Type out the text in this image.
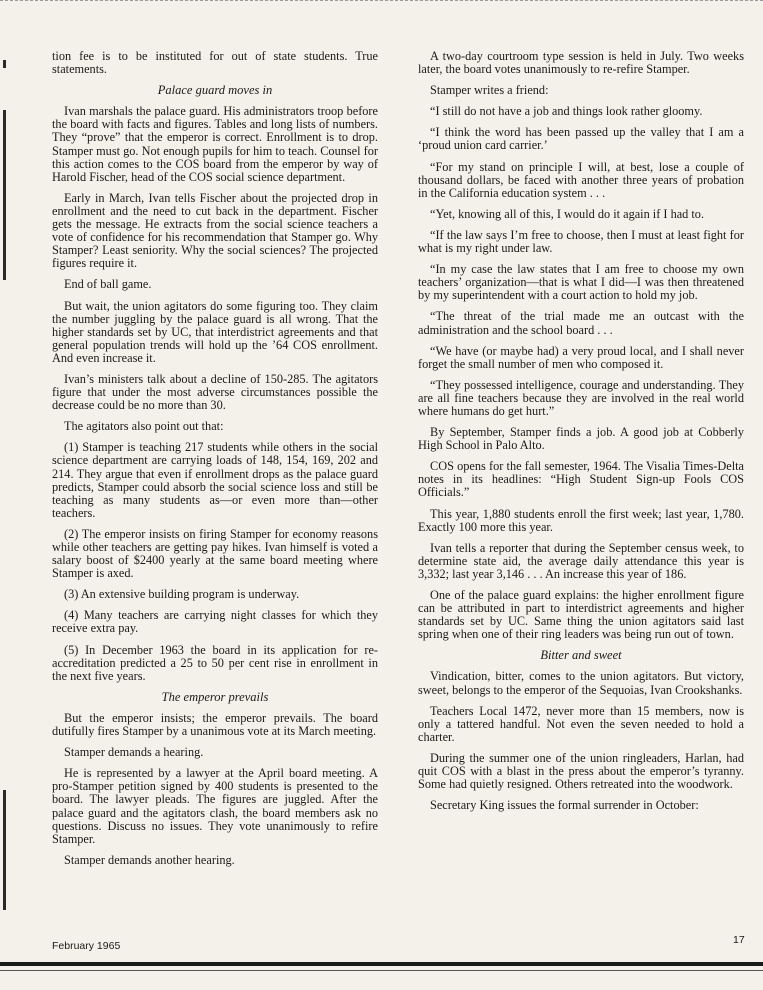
tion fee is to be instituted for out of state students. True statements.

Palace guard moves in

Ivan marshals the palace guard. His administrators troop before the board with facts and figures. Tables and long lists of numbers. They “prove” that the emperor is correct. Enrollment is to drop. Stamper must go. Not enough pupils for him to teach. Counsel for this action comes to the COS board from the emperor by way of Harold Fischer, head of the COS social science department.

Early in March, Ivan tells Fischer about the projected drop in enrollment and the need to cut back in the department. Fischer gets the message. He extracts from the social science teachers a vote of confidence for his recommendation that Stamper go. Why Stamper? Least seniority. Why the social sciences? The projected figures require it.

End of ball game.

But wait, the union agitators do some figuring too. They claim the number juggling by the palace guard is all wrong. That the higher standards set by UC, that interdistrict agreements and that general population trends will hold up the ’64 COS enrollment. And even increase it.

Ivan’s ministers talk about a decline of 150-285. The agitators figure that under the most adverse circumstances possible the decrease could be no more than 30.

The agitators also point out that:

(1) Stamper is teaching 217 students while others in the social science department are carrying loads of 148, 154, 169, 202 and 214. They argue that even if enrollment drops as the palace guard predicts, Stamper could absorb the social science loss and still be teaching as many students as—or even more than—other teachers.

(2) The emperor insists on firing Stamper for economy reasons while other teachers are getting pay hikes. Ivan himself is voted a salary boost of $2400 yearly at the same board meeting where Stamper is axed.

(3) An extensive building program is underway.

(4) Many teachers are carrying night classes for which they receive extra pay.

(5) In December 1963 the board in its application for re-accreditation predicted a 25 to 50 per cent rise in enrollment in the next five years.

The emperor prevails

But the emperor insists; the emperor prevails. The board dutifully fires Stamper by a unanimous vote at its March meeting.

Stamper demands a hearing.

He is represented by a lawyer at the April board meeting. A pro-Stamper petition signed by 400 students is presented to the board. The lawyer pleads. The figures are juggled. After the palace guard and the agitators clash, the board members ask no questions. Discuss no issues. They vote unanimously to refire Stamper.

Stamper demands another hearing.

A two-day courtroom type session is held in July. Two weeks later, the board votes unanimously to re-refire Stamper.

Stamper writes a friend:

“I still do not have a job and things look rather gloomy.

“I think the word has been passed up the valley that I am a ‘proud union card carrier.’

“For my stand on principle I will, at best, lose a couple of thousand dollars, be faced with another three years of probation in the California education system . . .

“Yet, knowing all of this, I would do it again if I had to.

“If the law says I’m free to choose, then I must at least fight for what is my right under law.

“In my case the law states that I am free to choose my own teachers’ organization—that is what I did—I was then threatened by my superintendent with a court action to hold my job.

“The threat of the trial made me an outcast with the administration and the school board . . .

“We have (or maybe had) a very proud local, and I shall never forget the small number of men who composed it.

“They possessed intelligence, courage and understanding. They are all fine teachers because they are involved in the real world where humans do get hurt.”

By September, Stamper finds a job. A good job at Cobberly High School in Palo Alto.

COS opens for the fall semester, 1964. The Visalia Times-Delta notes in its headlines: “High Student Sign-up Fools COS Officials.”

This year, 1,880 students enroll the first week; last year, 1,780. Exactly 100 more this year.

Ivan tells a reporter that during the September census week, to determine state aid, the average daily attendance this year is 3,332; last year 3,146 . . . An increase this year of 186.

One of the palace guard explains: the higher enrollment figure can be attributed in part to interdistrict agreements and higher standards set by UC. Same thing the union agitators said last spring when one of their ring leaders was being run out of town.

Bitter and sweet

Vindication, bitter, comes to the union agitators. But victory, sweet, belongs to the emperor of the Sequoias, Ivan Crookshanks.

Teachers Local 1472, never more than 15 members, now is only a tattered handful. Not even the seven needed to hold a charter.

During the summer one of the union ringleaders, Harlan, had quit COS with a blast in the press about the emperor’s tyranny. Some had quietly resigned. Others retreated into the woodwork.

Secretary King issues the formal surrender in October:

February 1965	17
